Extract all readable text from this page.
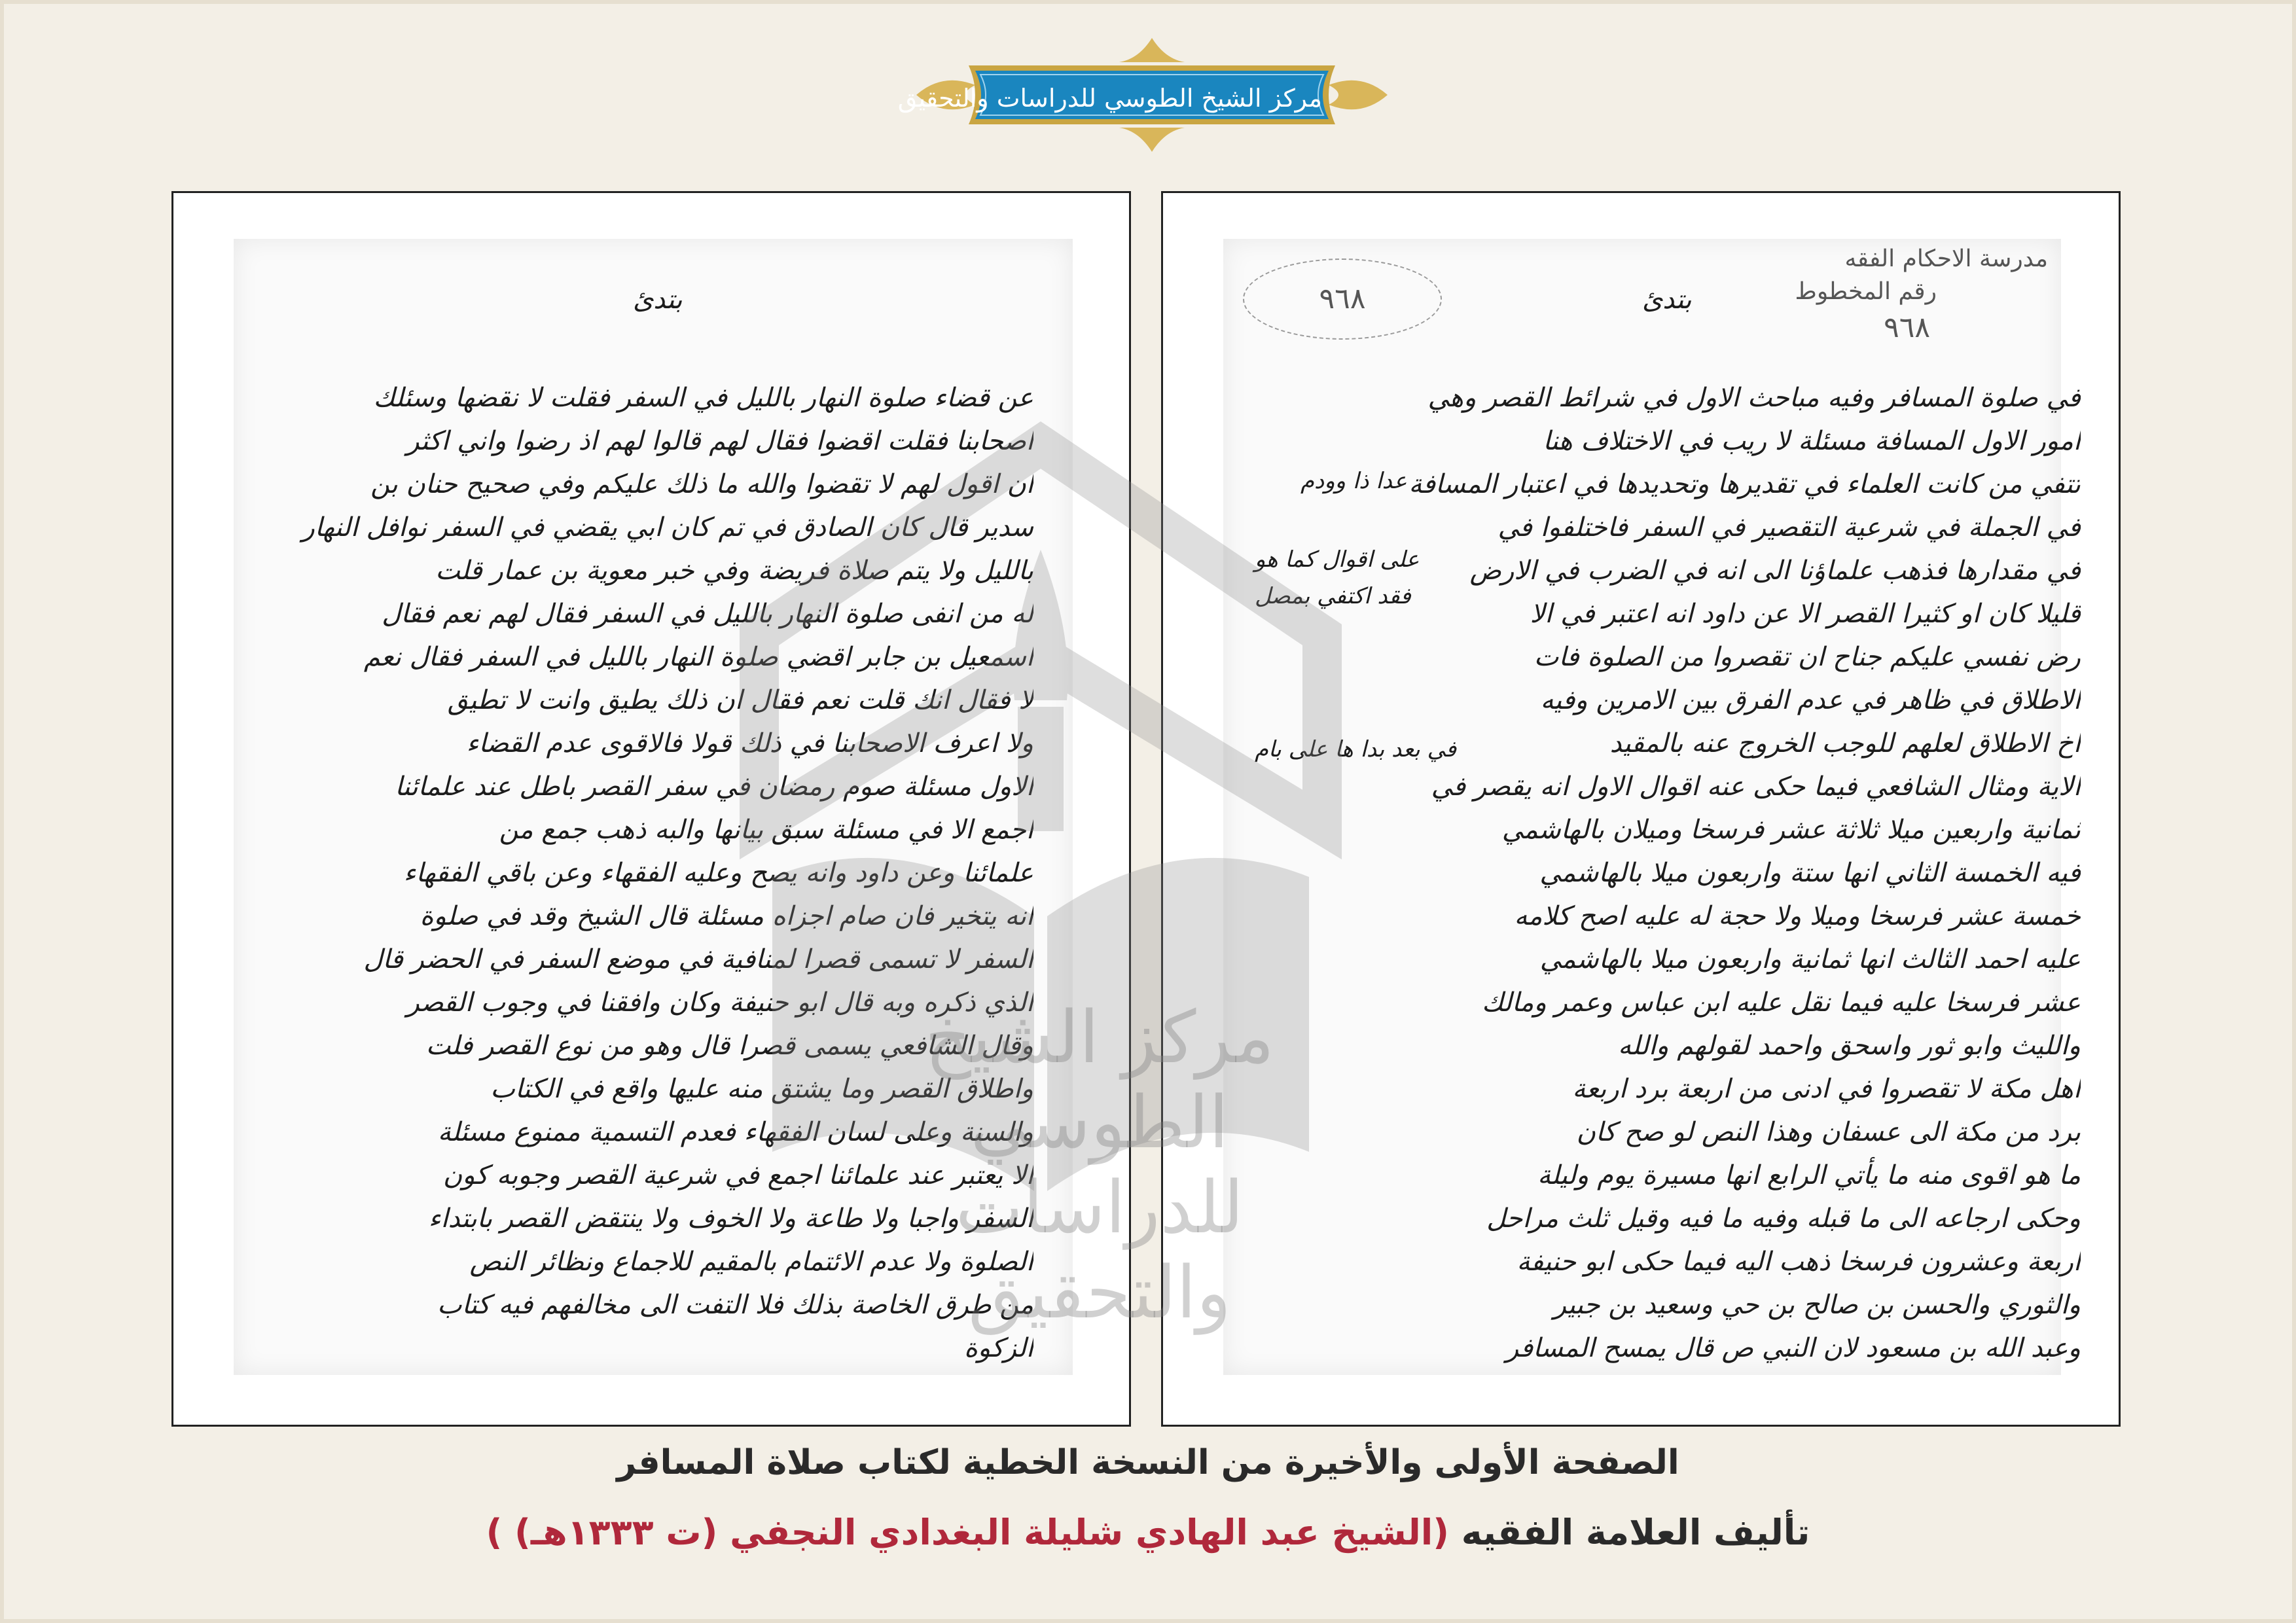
مركز الشيخ الطوسي للدراسات والتحقيق
بتدئ
عن قضاء صلوة النهار بالليل في السفر فقلت لا نقضها وسئلك
اصحابنا فقلت اقضوا فقال لهم قالوا لهم اذ رضوا واني اكثر
ان اقول لهم لا تقضوا والله ما ذلك عليكم وفي صحيح حنان بن
سدير قال كان الصادق في تم كان ابي يقضي في السفر نوافل النهار
بالليل ولا يتم صلاة فريضة وفي خبر معوية بن عمار قلت
له من انفى صلوة النهار بالليل في السفر فقال لهم نعم فقال
اسمعيل بن جابر اقضي صلوة النهار بالليل في السفر فقال نعم
لا فقال انك قلت نعم فقال ان ذلك يطيق وانت لا تطيق
ولا اعرف الاصحابنا في ذلك قولا فالاقوى عدم القضاء
الاول مسئلة صوم رمضان في سفر القصر باطل عند علمائنا
اجمع الا في مسئلة سبق بيانها والبه ذهب جمع من
علمائنا وعن داود وانه يصح وعليه الفقهاء وعن باقي الفقهاء
انه يتخير فان صام اجزاه مسئلة قال الشيخ وقد في صلوة
السفر لا تسمى قصرا لمنافية في موضع السفر في الحضر قال
الذي ذكره وبه قال ابو حنيفة وكان وافقنا في وجوب القصر
وقال الشافعي يسمى قصرا قال وهو من نوع القصر فلت
واطلاق القصر وما يشتق منه عليها واقع في الكتاب
والسنة وعلى لسان الفقهاء فعدم التسمية ممنوع مسئلة
الا يعتبر عند علمائنا اجمع في شرعية القصر وجوبه كون
السفر واجبا ولا طاعة ولا الخوف ولا ينتقض القصر بابتداء
الصلوة ولا عدم الائتمام بالمقيم للاجماع ونظائر النص
من طرق الخاصة بذلك فلا التفت الى مخالفهم فيه كتاب
الزكوة
بتدئ
٩٦٨
مدرسة الاحكام الفقه
رقم المخطوط
٩٦٨
في صلوة المسافر وفيه مباحث الاول في شرائط القصر وهي
امور الاول المسافة مسئلة لا ريب في الاختلاف هنا
تتفي من كانت العلماء في تقديرها وتحديدها في اعتبار المسافة
في الجملة في شرعية التقصير في السفر فاختلفوا في
في مقدارها فذهب علماؤنا الى انه في الضرب في الارض
قليلا كان او كثيرا القصر الا عن داود انه اعتبر في الا
رض نفسي عليكم جناح ان تقصروا من الصلوة فات
الاطلاق في ظاهر في عدم الفرق بين الامرين وفيه
اخ الاطلاق لعلهم للوجب الخروج عنه بالمقيد
الاية ومثال الشافعي فيما حكى عنه اقوال الاول انه يقصر في
ثمانية واربعين ميلا ثلاثة عشر فرسخا وميلان بالهاشمي
فيه الخمسة الثاني انها ستة واربعون ميلا بالهاشمي
خمسة عشر فرسخا وميلا ولا حجة له عليه اصح كلامه
عليه احمد الثالث انها ثمانية واربعون ميلا بالهاشمي
عشر فرسخا عليه فيما نقل عليه ابن عباس وعمر ومالك
والليث وابو ثور واسحق واحمد لقولهم والله
اهل مكة لا تقصروا في ادنى من اربعة برد اربعة
برد من مكة الى عسفان وهذا النص لو صح كان
ما هو اقوى منه ما يأتي الرابع انها مسيرة يوم وليلة
وحكى ارجاعه الى ما قبله وفيه ما فيه وقيل ثلث مراحل
اربعة وعشرون فرسخا ذهب اليه فيما حكى ابو حنيفة
والثوري والحسن بن صالح بن حي وسعيد بن جبير
وعبد الله بن مسعود لان النبي ص قال يمسح المسافر
عدا ذا وودم
على اقوال كما هو
فقد اكتفي بمصل
في بعد بدا ها على بام
مركز الشيخ الطوسي للدراسات والتحقيق
الصفحة الأولى والأخيرة من النسخة الخطية لكتاب صلاة المسافر
تأليف العلامة الفقيه (الشيخ عبد الهادي شليلة البغدادي النجفي (ت ١٣٣٣هـ) )
